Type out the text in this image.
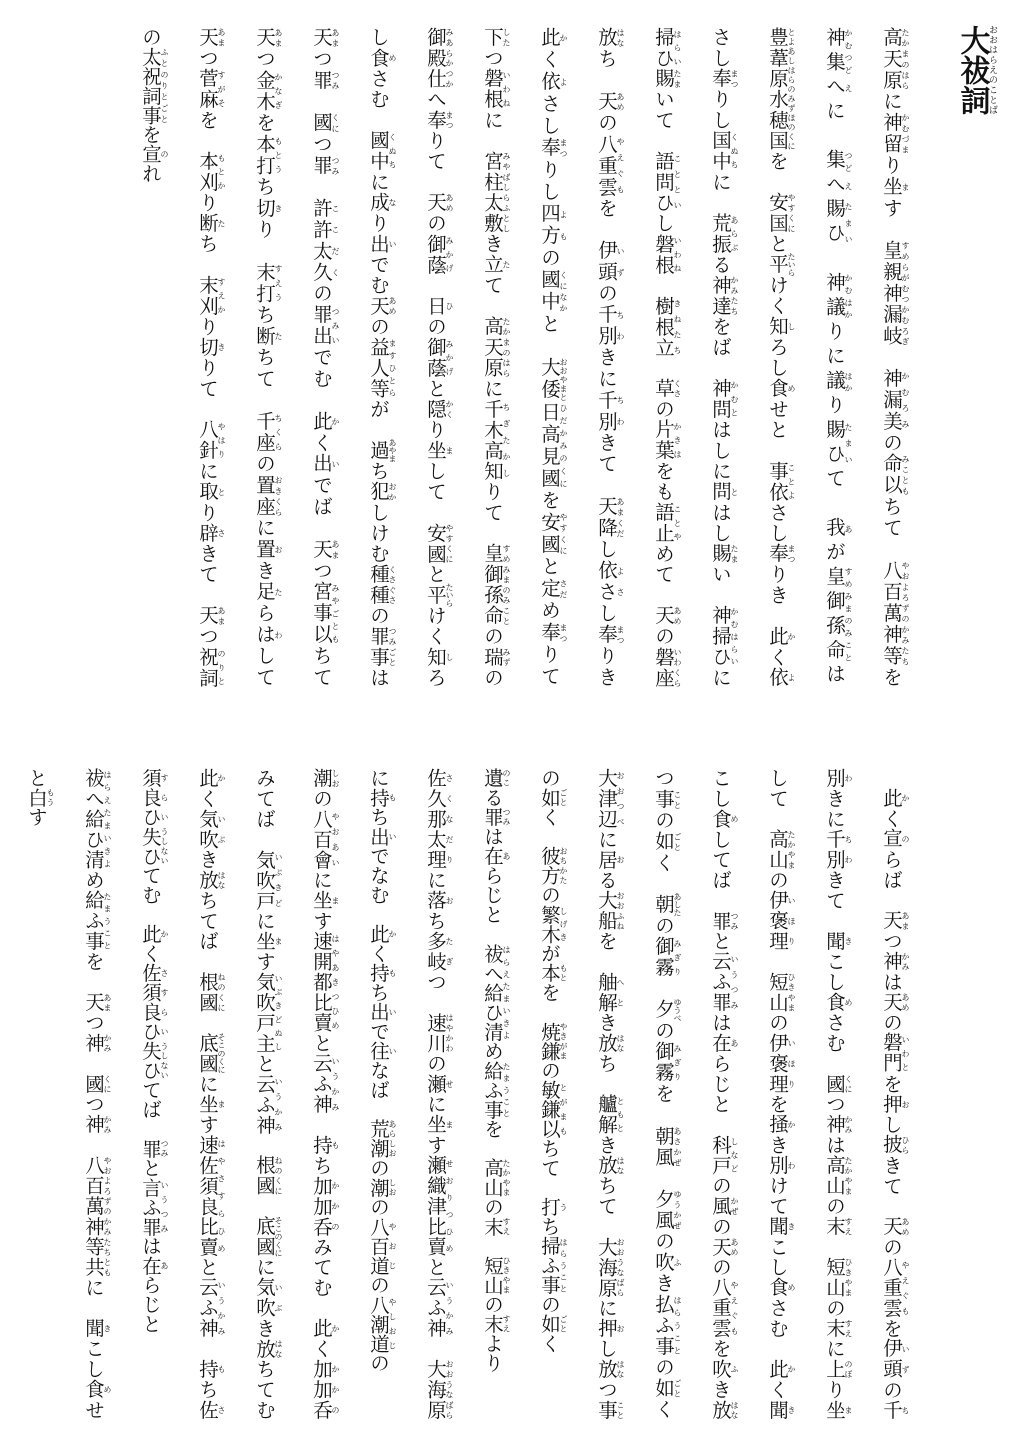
大祓詞おおはらえのことば
高天原たかまのはらに神留かむづまり坐ます　皇親神漏岐すめらがむつかむろぎ　神漏美かむろみの命以みこともちて　八百萬神等やおよろずのかみたちを
神集かむつどへえに　集つどへえ賜ひたまい　神議かむはかりに議はかり賜ひたまいて　我あが皇御孫命すめみまのみことは
豊葦原水穂国とよあしはらのみずほのくにを　安国やすくにと平たいらけく知しろし食めせと　事依ことよさし奉まつりき　此かく依よ
さし奉まつりし国中くぬちに　荒振あらぶる神達かみたちをば　神問かむとはしに問とはし賜たまい　神掃ひかむはらいに
掃ひはらい賜たまいて　語問ひことといし磐根いわね　樹根立きねたち　草くさの片葉かきはをも語止ことやめて　天あめの磐座いわくら
放はなち　天あめの八重雲やえぐもを　伊頭いずの千別ちわきに千別ちわきて　天降あまくだし依さよさし奉まつりき
此かく依よさし奉まつりし四方よもの國中くになかと　大倭おおやまと日高見國ひだかみのくにを安國やすくにと定さだめ奉まつりて
下したつ磐根いわねに　宮柱太敷みやばしらふとしき立たて　高天原たかまのはらに千木高知ちぎたかしりて　皇御孫命すめみまのみことの瑞みずの
御殿仕みあらかつかへ奉まつりて　天あめの御蔭みかげ　日ひの御蔭みかげと隠かくり坐まして　安國やすくにと平たいらけく知しろ
し食めさむ　國中くぬちに成なり出いでむ天あめの益人等ますひとらが　過あやまち犯おかしけむ種種くさぐさの罪事つみごとは
天あまつ罪つみ　國くにつ罪つみ　許許太久ここだくの罪出つみいでむ　此かく出いでば　天あまつ宮事以みやごともちて
天あまつ金木かなぎを本打もとうち切きり　末打すえうち断たちて　千座ちくらの置座おきくらに置おき足たらはわして
天あまつ菅麻すがそを　本刈もとかり断たち　末刈すえかり切きりて　八針やはりに取とり辟さきて　天あまつ祝詞のりと
の太祝詞事ふとのりとごとを宣のれ
此かく宣のらば　天あまつ神かみは天あめの磐門いわとを押おし披ひらきて　天あめの八重雲やえぐもを伊頭いずの千ち
別わきに千別ちわきて　聞きこし食めさむ　國くにつ神かみは高山たかやまの末すえ　短山ひきやまの末すえに上のぼり坐ま
して　高山たかやまの伊褒理いほり　短山ひきやまの伊褒理いほりを掻かき別わけて聞きこし食めさむ　此かく聞き
こし食めしてば　罪つみと云ふ罪いうつみは在あらじと　科戸しなどの風かぜの天あめの八重雲やえぐもを吹ふき放はな
つ事ことの如ごとく　朝あしたの御霧みぎり　夕ゆうべの御霧みぎりを　朝風あさかぜ　夕風ゆうかぜの吹ふき払ふ事はらうことの如ごとく
大津辺おおつべに居おる大船おおふねを　舳解へとき放はなち　艫解ともとき放はなちて　大海原おおうなばらに押おし放はなつ事こと
の如ごとく　彼方おちかたの繁木しげきが本もとを　焼鎌やきがまの敏鎌以とがまもちて　打うち掃ふ事はらうことの如ごとく
遺のこる罪つみは在あらじと　祓へ給ひ清はらえたまいきよめ給ふ事たまうことを　高山たかやまの末すえ　短山ひきやまの末すえより
佐久那太理さくなだりに落おち多岐たぎつ　速川はやかわの瀬せに坐ます瀬織津比賣せおりつひめと云ふ神いうかみ　大海原おおうなばら
に持もち出いでなむ　此かく持もち出いで往いなば　荒潮あらしおの潮しおの八百道やおじの八潮道やしおじの
潮しおの八百會やおあいに坐ます速開都比賣はやあきつひめと云ふ神いうかみ　持もち加加呑かかのみてむ　此かく加加呑かかの
みてば　気吹戸いぶきどに坐ます気吹戸主いぶきどぬしと云ふ神いうかみ　根國ねのくに　底國そこのくにに気吹いぶき放はなちてむ
此かく気吹いぶき放はなちてば　根國ねのくに　底國そこのくにに坐ます速佐須良比賣はやさすらひめと云ふ神いうかみ　持もち佐さ
須良ひすらい失ひうしないてむ　此かく佐須良ひさすらい失ひうしないてば　罪つみと言ふ罪いうつみは在あらじと
祓へ給ひ清はらえたまいきよめ給ふ事たまうことを　天あまつ神かみ　國くにつ神かみ　八百萬神等共やおよろずのかみたちともに　聞きこし食めせ
と白もうす
